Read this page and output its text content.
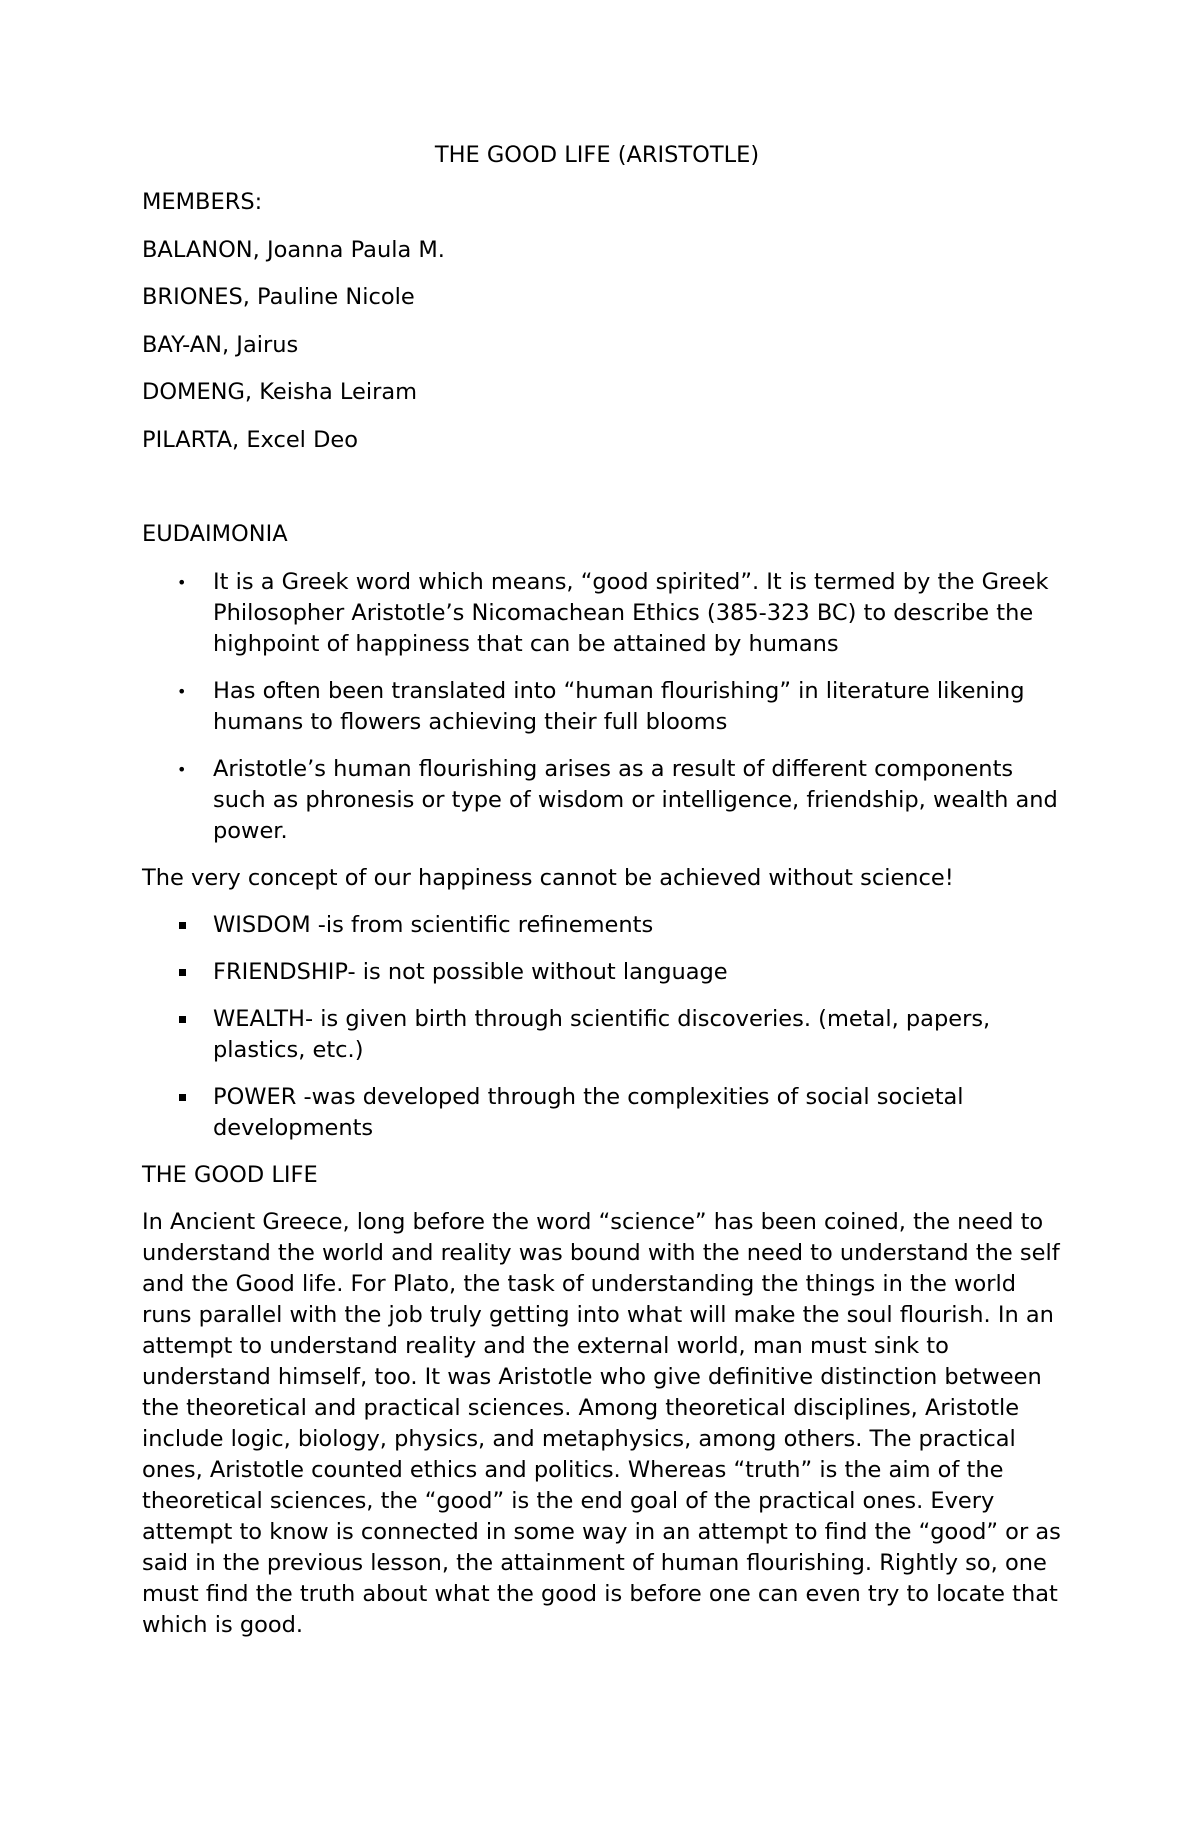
THE GOOD LIFE (ARISTOTLE)
MEMBERS:
BALANON, Joanna Paula M.
BRIONES, Pauline Nicole
BAY-AN, Jairus
DOMENG, Keisha Leiram
PILARTA, Excel Deo
EUDAIMONIA
• It is a Greek word which means, “good spirited”. It is termed by the Greek Philosopher Aristotle’s Nicomachean Ethics (385-323 BC) to describe the highpoint of happiness that can be attained by humans
• Has often been translated into “human flourishing” in literature likening humans to flowers achieving their full blooms
• Aristotle’s human flourishing arises as a result of different components such as phronesis or type of wisdom or intelligence, friendship, wealth and power.
The very concept of our happiness cannot be achieved without science!
WISDOM -is from scientific refinements
FRIENDSHIP- is not possible without language
WEALTH- is given birth through scientific discoveries. (metal, papers, plastics, etc.)
POWER -was developed through the complexities of social societal developments
THE GOOD LIFE
In Ancient Greece, long before the word “science” has been coined, the need to understand the world and reality was bound with the need to understand the self and the Good life. For Plato, the task of understanding the things in the world runs parallel with the job truly getting into what will make the soul flourish. In an attempt to understand reality and the external world, man must sink to understand himself, too. It was Aristotle who give definitive distinction between the theoretical and practical sciences. Among theoretical disciplines, Aristotle include logic, biology, physics, and metaphysics, among others. The practical ones, Aristotle counted ethics and politics. Whereas “truth” is the aim of the theoretical sciences, the “good” is the end goal of the practical ones. Every attempt to know is connected in some way in an attempt to find the “good” or as said in the previous lesson, the attainment of human flourishing. Rightly so, one must find the truth about what the good is before one can even try to locate that which is good.
